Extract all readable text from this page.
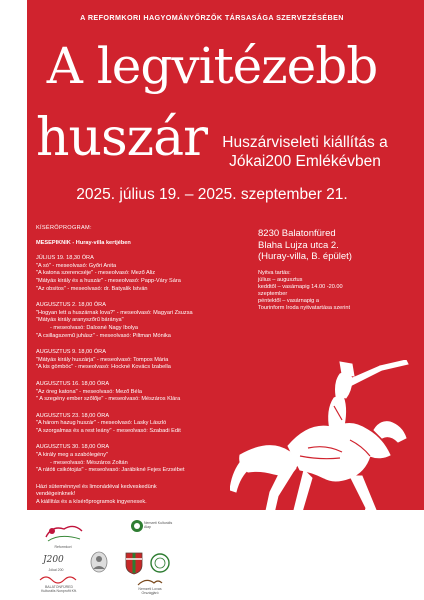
A REFORMKORI HAGYOMÁNYŐRZŐK TÁRSASÁGA SZERVEZÉSÉBEN
A legvitézebb
huszár Huszárviseleti kiállítás a
Jókai200 Emlékévben
2025. július 19. – 2025. szeptember 21.
KÍSÉRŐPROGRAM:
MESEPIKNIK - Huray-villa kertjében
JÚLIUS 19. 18,30 ÓRA
"A só" - meseolvasó: Győri Anita
"A katona szerencséje" - meseolvasó: Mező Aliz
"Mátyás király és a huszár" - meseolvasó: Papp-Váry Sára
"Az obsitos" - meseolvasó: dr. Batyalik István
AUGUSZTUS 2. 18,00 ÓRA
"Hogyan lett a huszárnak lova?" - meseolvasó: Magyari Zsuzsa
"Mátyás király aranyszőrű báránya"
- meseolvasó: Dalosné Nagy Ibolya
"A csillagszemű juhász" - meseolvasó: Piltman Mónika
AUGUSZTUS 9. 18,00 ÓRA
"Mátyás király huszárja" - meseolvasó: Tompos Mária
"A kis gömböc" - meseolvasó: Hockné Kovács Izabella
AUGUSZTUS 16. 18,00 ÓRA
"Az öreg katona" - meseolvasó: Mező Béla
" A szegény ember szőlője" - meseolvasó: Mészáros Klára
AUGUSZTUS 23. 18,00 ÓRA
"A három hazug huszár" - meseolvasó: Lasky László
"A szorgalmas és a rest leány" - meseolvasó: Szabadi Edit
AUGUSZTUS 30. 18,00 ÓRA
"A király meg a szabólegény"
- meseolvasó: Mészáros Zoltán
"A rátóti csikótojás" - meseolvasó: Jarábikné Fejes Erzsébet
Házi süteménnyel és limonádéval kedveskedünk
vendégeinknek!
A kiállítás és a kísérőprogramok ingyenesek.
8230 Balatonfüred
Blaha Lujza utca 2.
(Huray-villa, B. épület)
Nyitva tartás:
július – augusztus
keddtől – vasárnapig 14.00 -20.00
szeptember
péntektől – vasárnapig a
Tourinform Iroda nyitvatartása szerint
Reformkori
J200
Jókai 200
BALATONFÜRED
Kulturális Nonprofit Kft.
Nemzeti Kulturális Alap
Nemzeti Lovas Országjáró
